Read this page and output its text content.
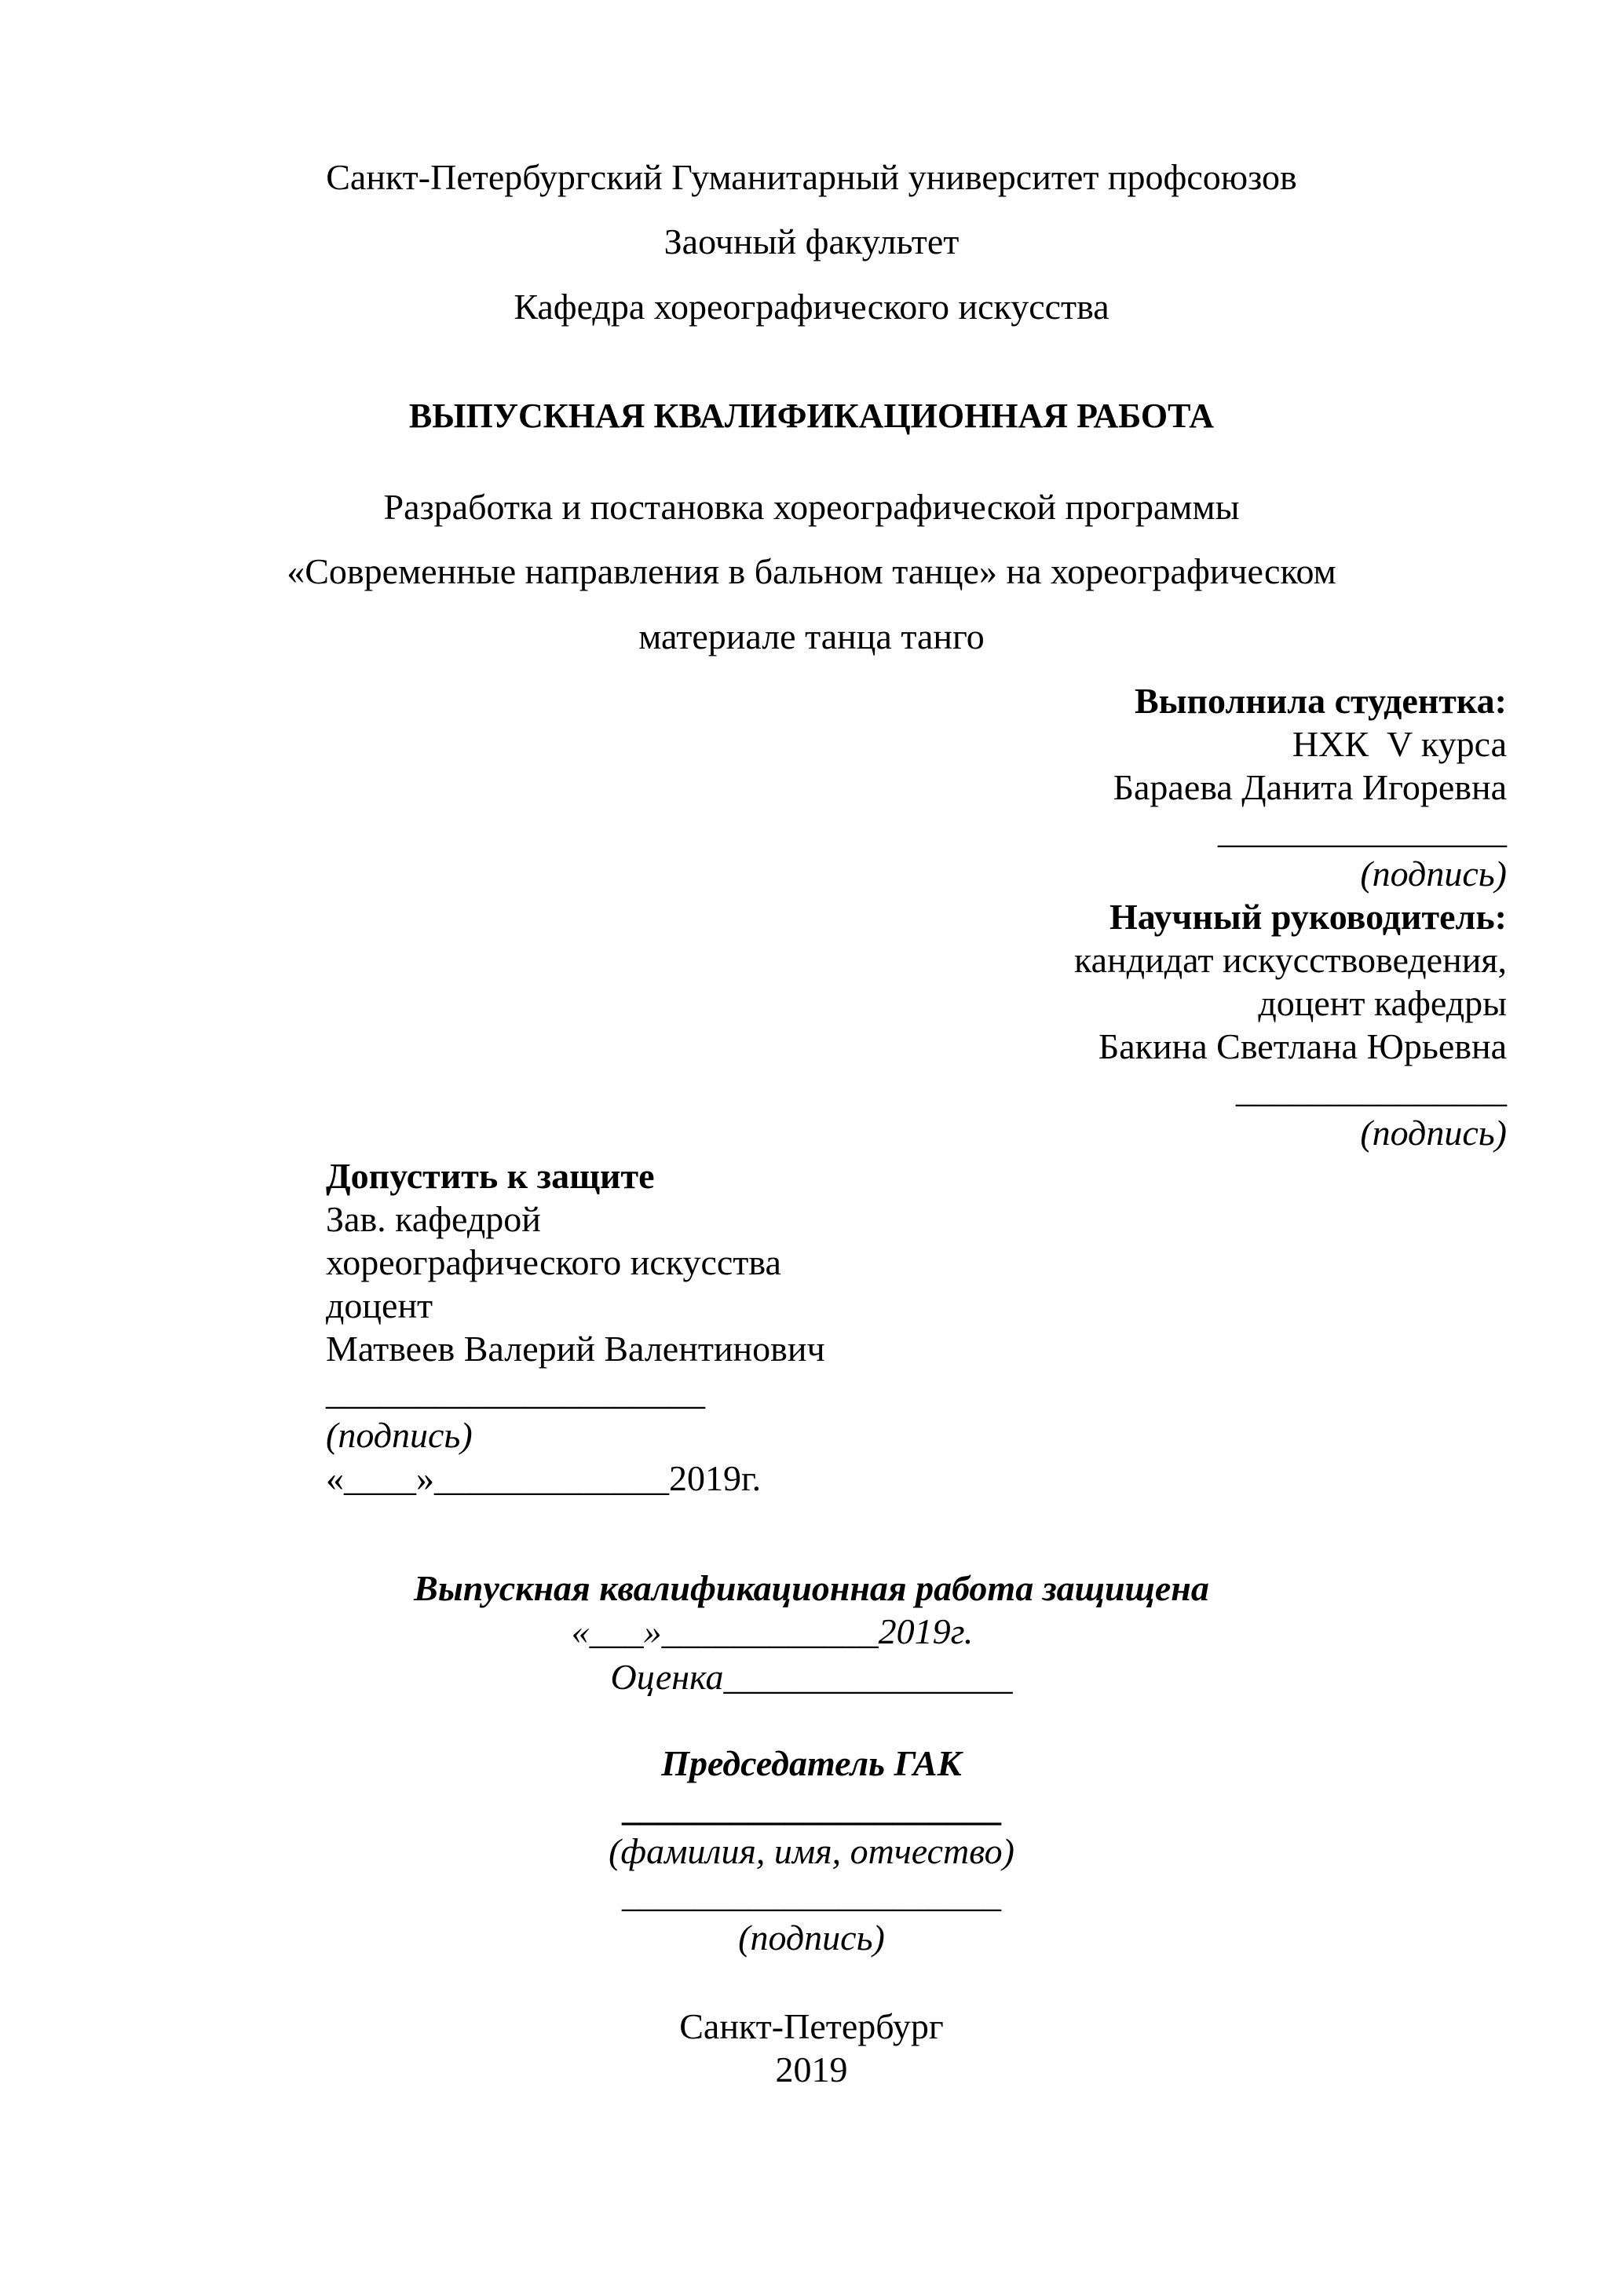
Санкт-Петербургский Гуманитарный университет профсоюзов
Заочный факультет
Кафедра хореографического искусства
ВЫПУСКНАЯ КВАЛИФИКАЦИОННАЯ РАБОТА
Разработка и постановка хореографической программы
«Современные направления в бальном танце» на хореографическом
материале танца танго
Выполнила студентка:
НХК  V курса
Бараева Данита Игоревна
________________
(подпись)
Научный руководитель:
кандидат искусствоведения,
доцент кафедры
Бакина Светлана Юрьевна
_______________
(подпись)
Допустить к защите
Зав. кафедрой
хореографического искусства
доцент
Матвеев Валерий Валентинович
_____________________
(подпись)
«____»_____________2019г.
Выпускная квалификационная работа защищена
«___»____________2019г.
Оценка________________
Председатель ГАК
_____________________
(фамилия, имя, отчество)
_____________________
(подпись)
Санкт-Петербург
2019
